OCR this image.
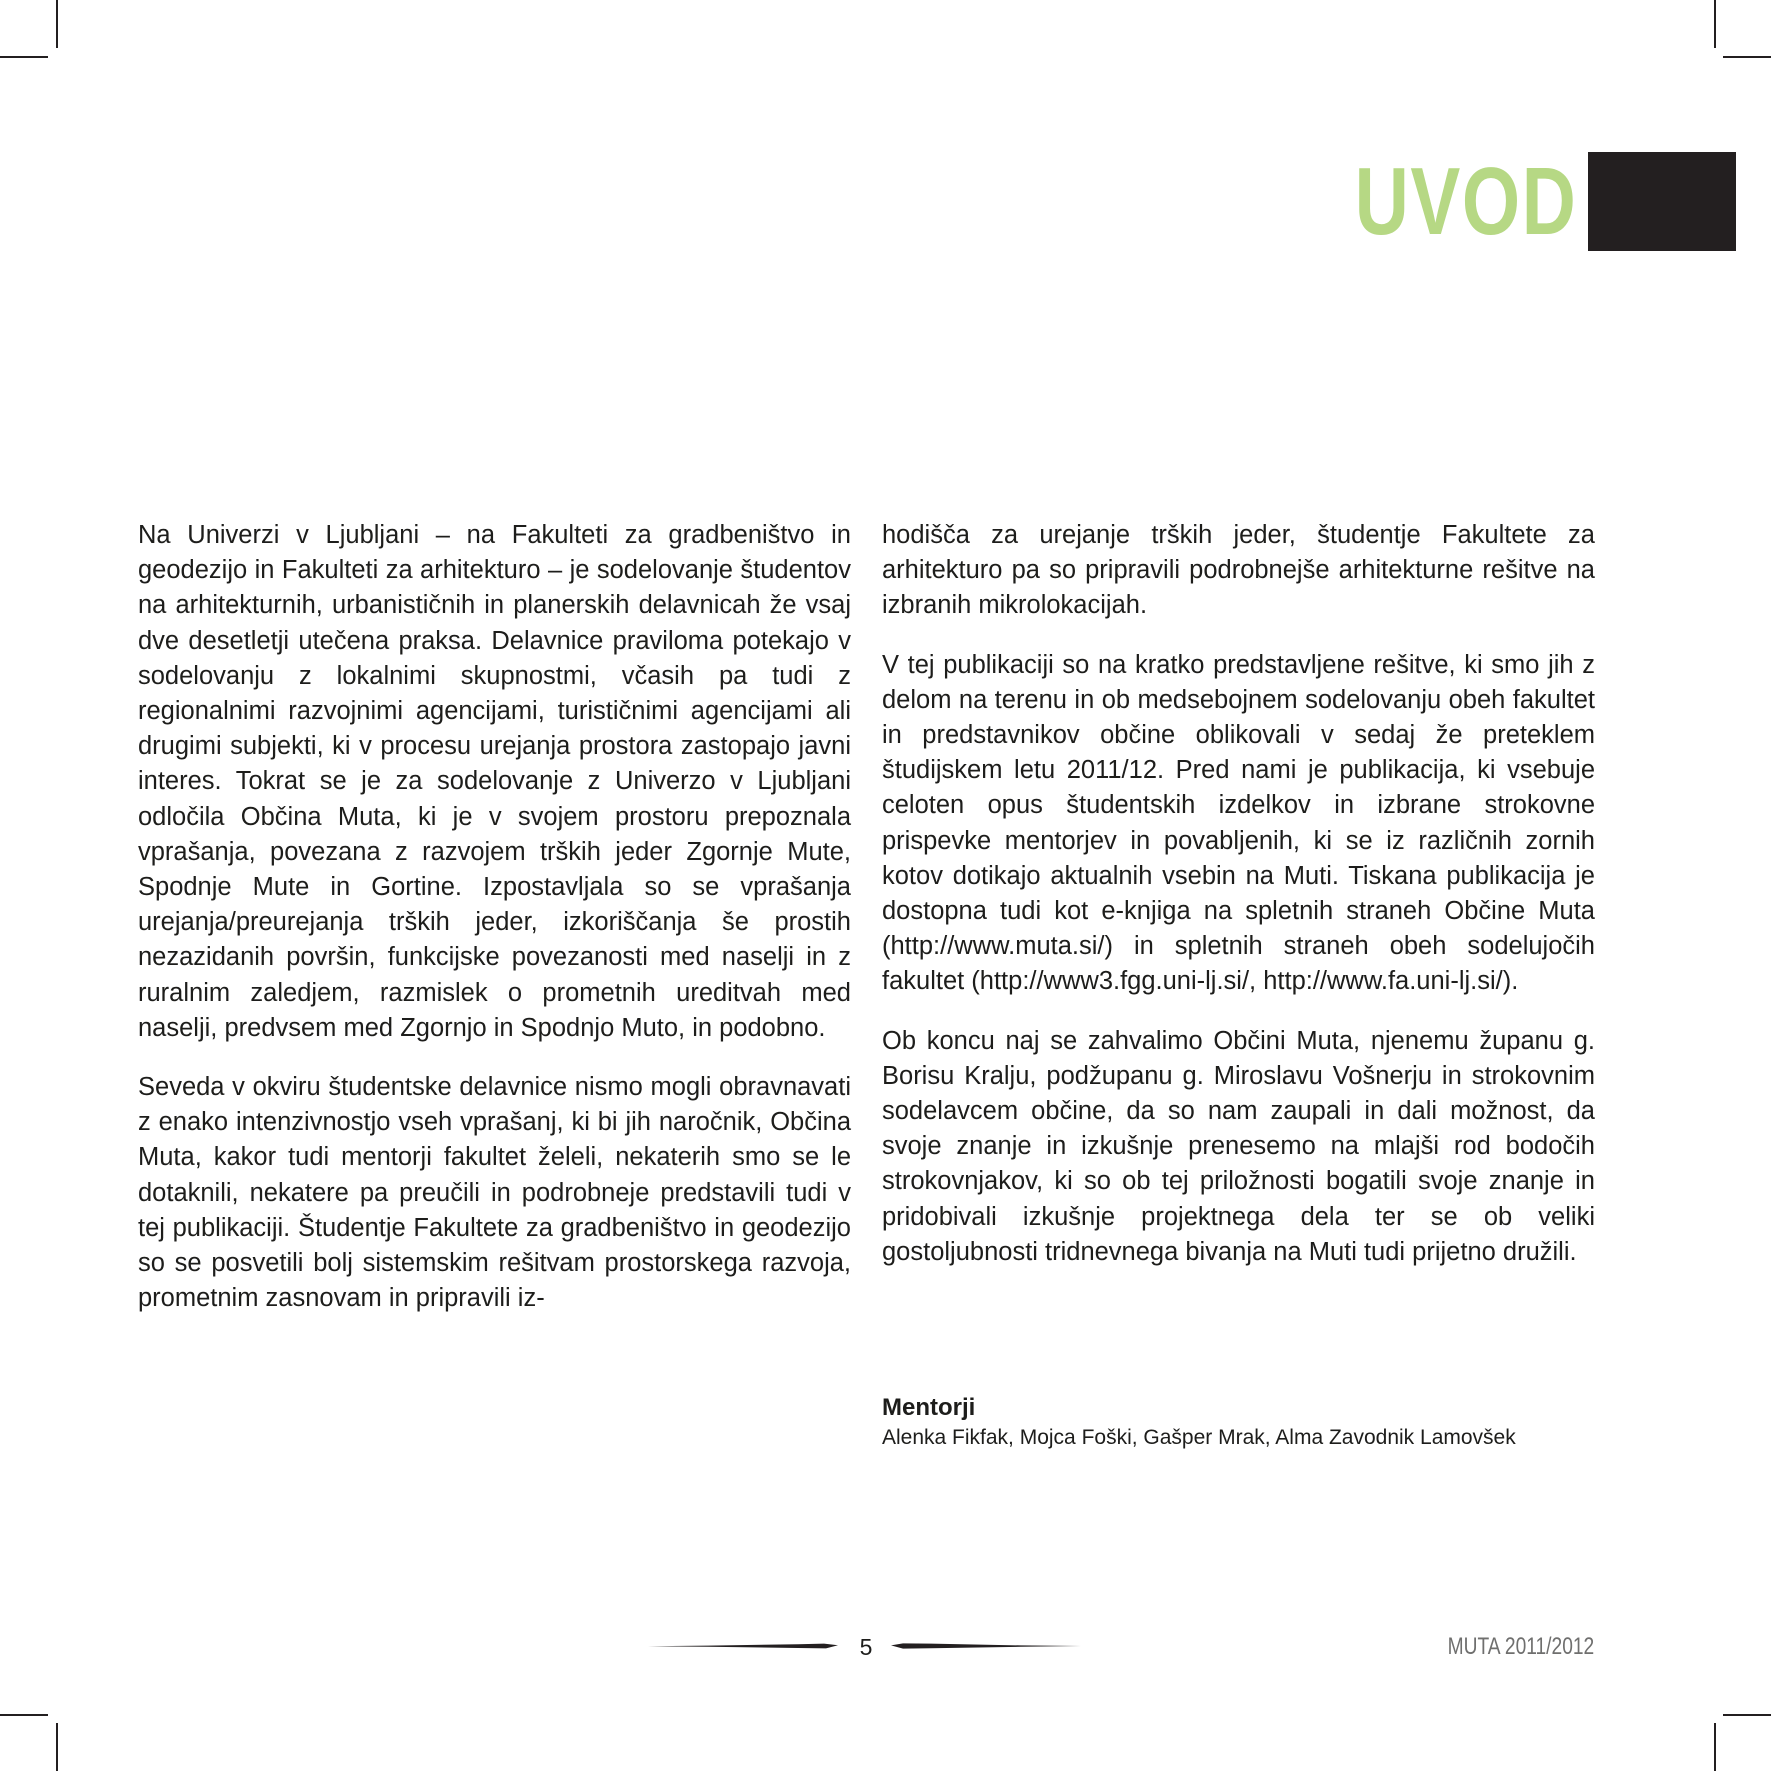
UVOD

Na Univerzi v Ljubljani – na Fakulteti za gradbeništvo in geodezijo in Fakulteti za arhitekturo – je sodelovanje študentov na arhitekturnih, urbanističnih in planerskih delavnicah že vsaj dve desetletji utečena praksa. Delavnice praviloma potekajo v sodelovanju z lokalnimi skupnostmi, včasih pa tudi z regionalnimi razvojnimi agencijami, turističnimi agencijami ali drugimi subjekti, ki v procesu urejanja prostora zastopajo javni interes. Tokrat se je za sodelovanje z Univerzo v Ljubljani odločila Občina Muta, ki je v svojem prostoru prepoznala vprašanja, povezana z razvojem trških jeder Zgornje Mute, Spodnje Mute in Gortine. Izpostavljala so se vprašanja urejanja/preurejanja trških jeder, izkoriščanja še prostih nezazidanih površin, funkcijske povezanosti med naselji in z ruralnim zaledjem, razmislek o prometnih ureditvah med naselji, predvsem med Zgornjo in Spodnjo Muto, in podobno.

Seveda v okviru študentske delavnice nismo mogli obravnavati z enako intenzivnostjo vseh vprašanj, ki bi jih naročnik, Občina Muta, kakor tudi mentorji fakultet želeli, nekaterih smo se le dotaknili, nekatere pa preučili in podrobneje predstavili tudi v tej publikaciji. Študentje Fakultete za gradbeništvo in geodezijo so se posvetili bolj sistemskim rešitvam prostorskega razvoja, prometnim zasnovam in pripravili iz-

hodišča za urejanje trških jeder, študentje Fakultete za arhitekturo pa so pripravili podrobnejše arhitekturne rešitve na izbranih mikrolokacijah.

V tej publikaciji so na kratko predstavljene rešitve, ki smo jih z delom na terenu in ob medsebojnem sodelovanju obeh fakultet in predstavnikov občine oblikovali v sedaj že preteklem študijskem letu 2011/12. Pred nami je publikacija, ki vsebuje celoten opus študentskih izdelkov in izbrane strokovne prispevke mentorjev in povabljenih, ki se iz različnih zornih kotov dotikajo aktualnih vsebin na Muti. Tiskana publikacija je dostopna tudi kot e-knjiga na spletnih straneh Občine Muta (http://www.muta.si/) in spletnih straneh obeh sodelujočih fakultet (http://www3.fgg.uni-lj.si/, http://www.fa.uni-lj.si/).

Ob koncu naj se zahvalimo Občini Muta, njenemu županu g. Borisu Kralju, podžupanu g. Miroslavu Vošnerju in strokovnim sodelavcem občine, da so nam zaupali in dali možnost, da svoje znanje in izkušnje prenesemo na mlajši rod bodočih strokovnjakov, ki so ob tej priložnosti bogatili svoje znanje in pridobivali izkušnje projektnega dela ter se ob veliki gostoljubnosti tridnevnega bivanja na Muti tudi prijetno družili.

Mentorji
Alenka Fikfak, Mojca Foški, Gašper Mrak, Alma Zavodnik Lamovšek
5	MUTA 2011/2012
